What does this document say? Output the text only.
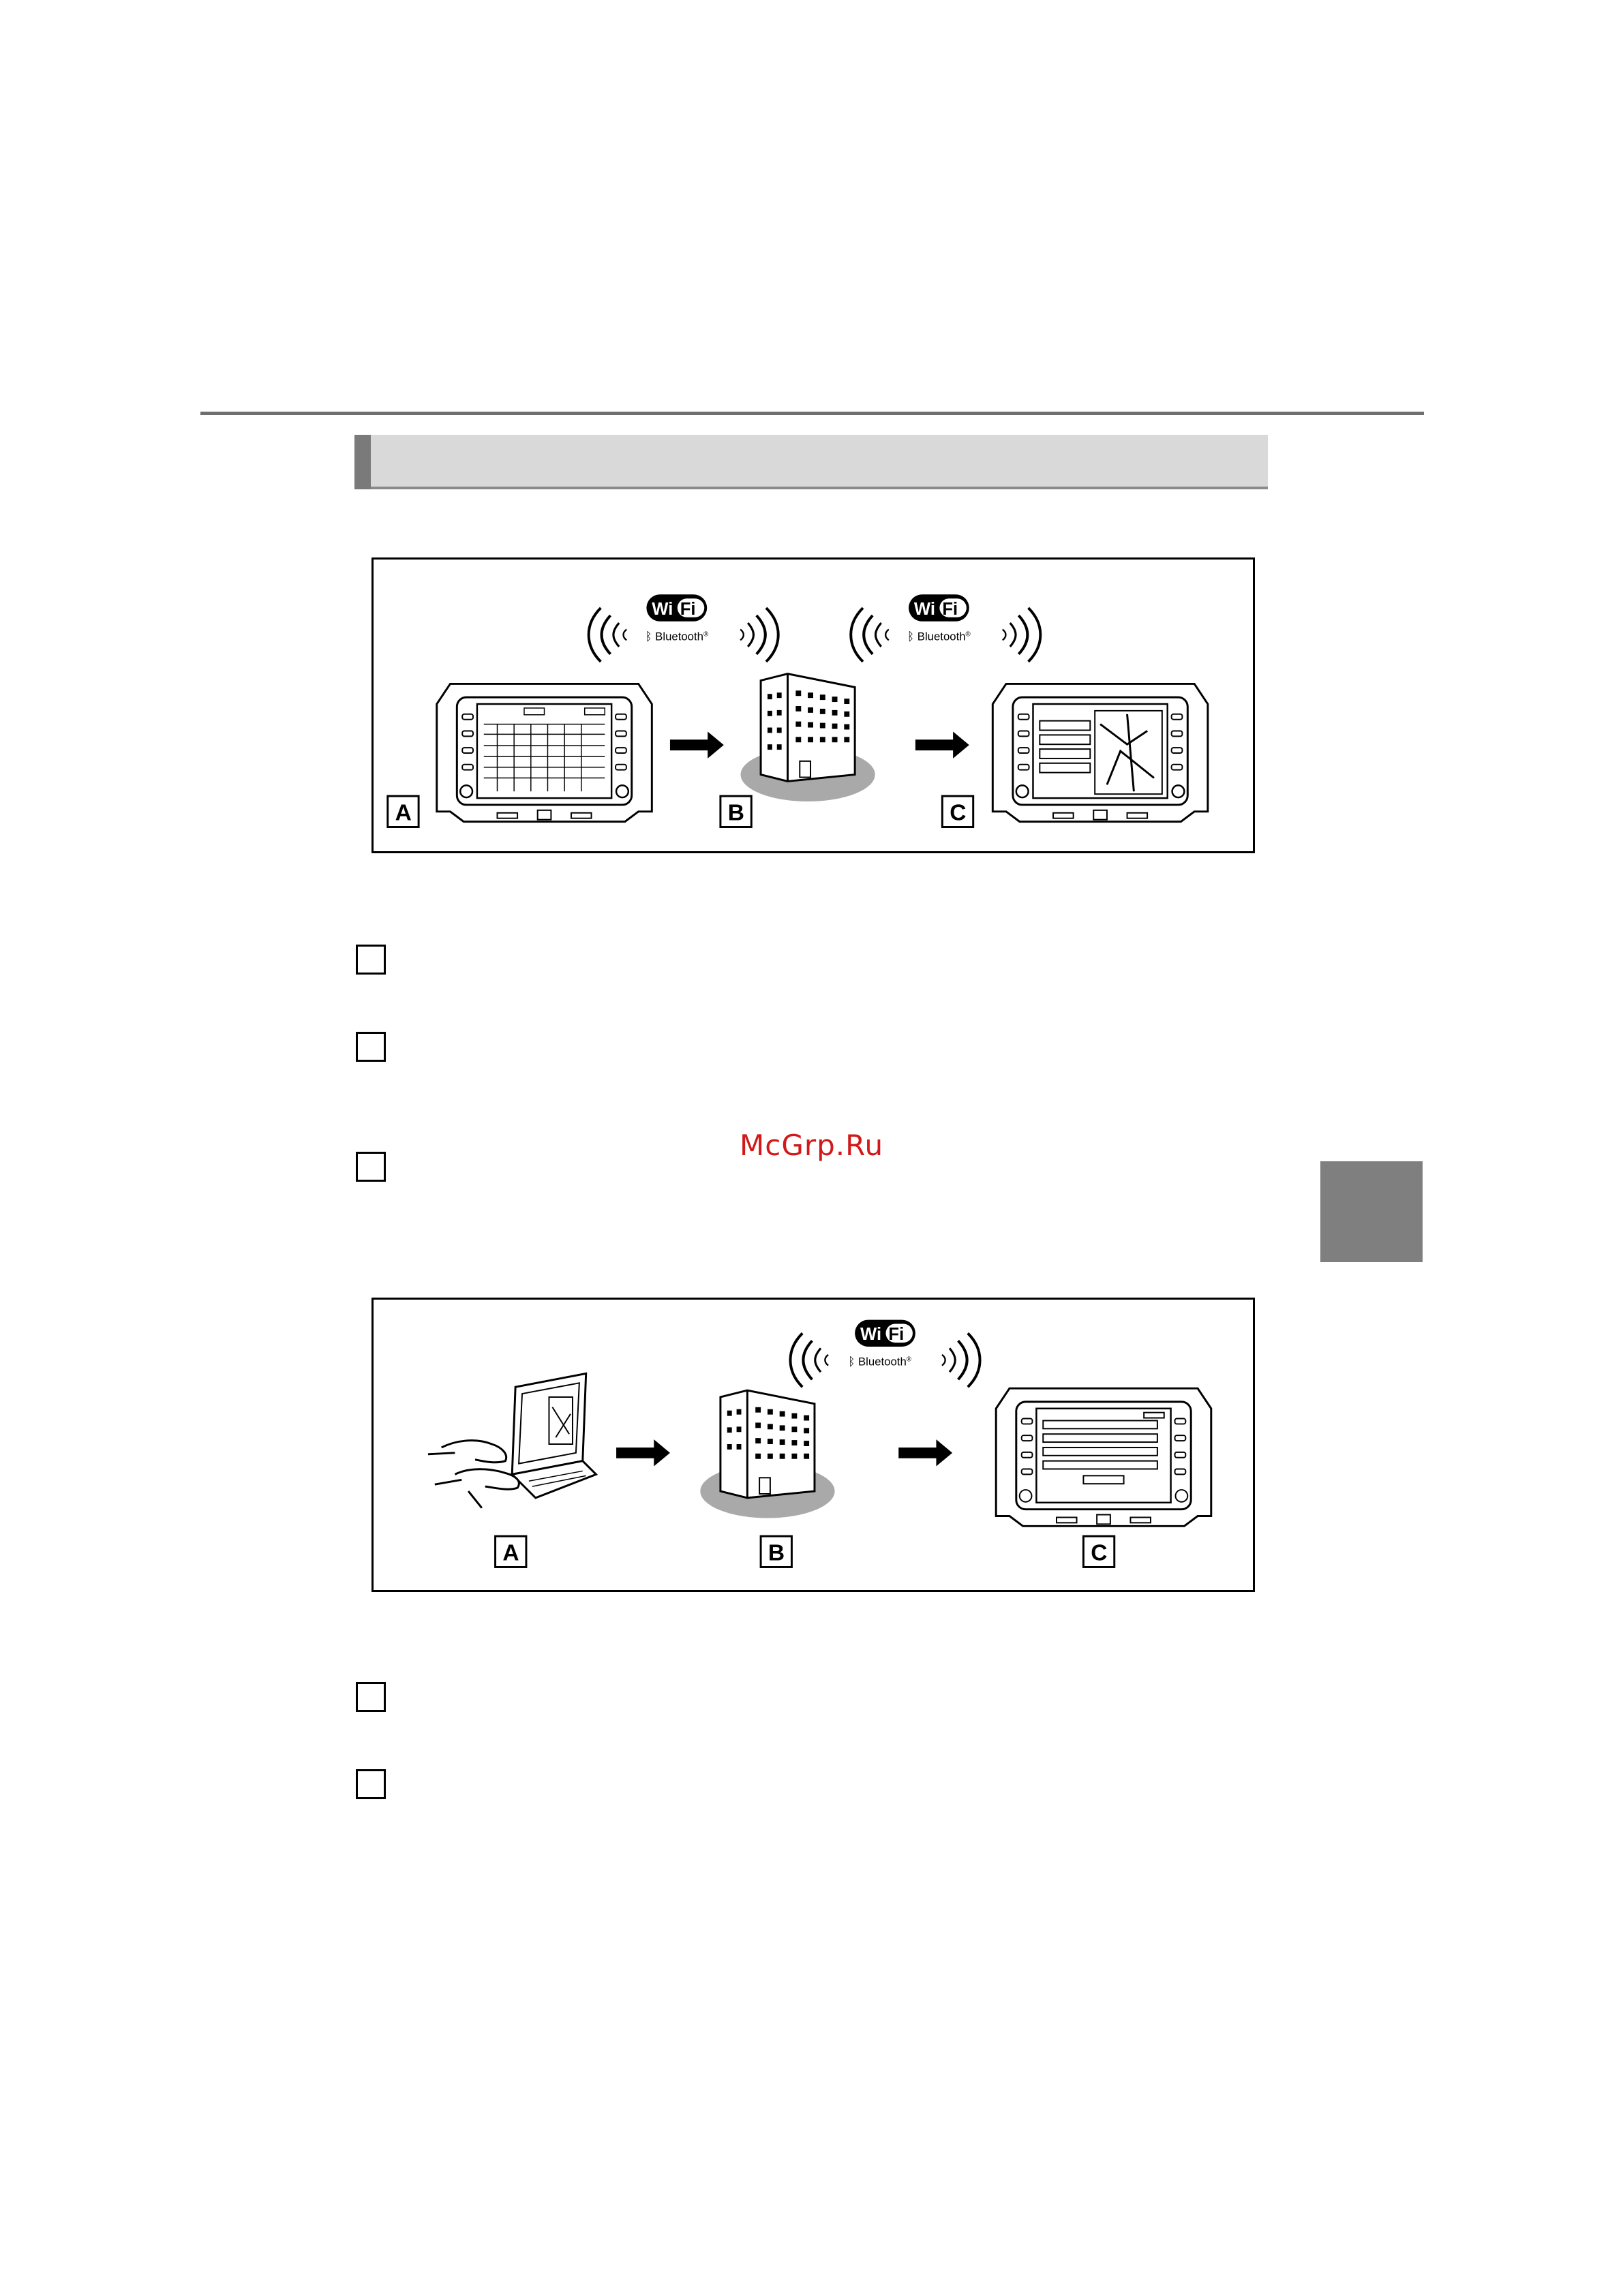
Wi Fi
ᛒ Bluetooth®
Wi Fi
ᛒ Bluetooth®
A	B	C
McGrp.Ru
Wi Fi
ᛒ Bluetooth®
A	B	C
